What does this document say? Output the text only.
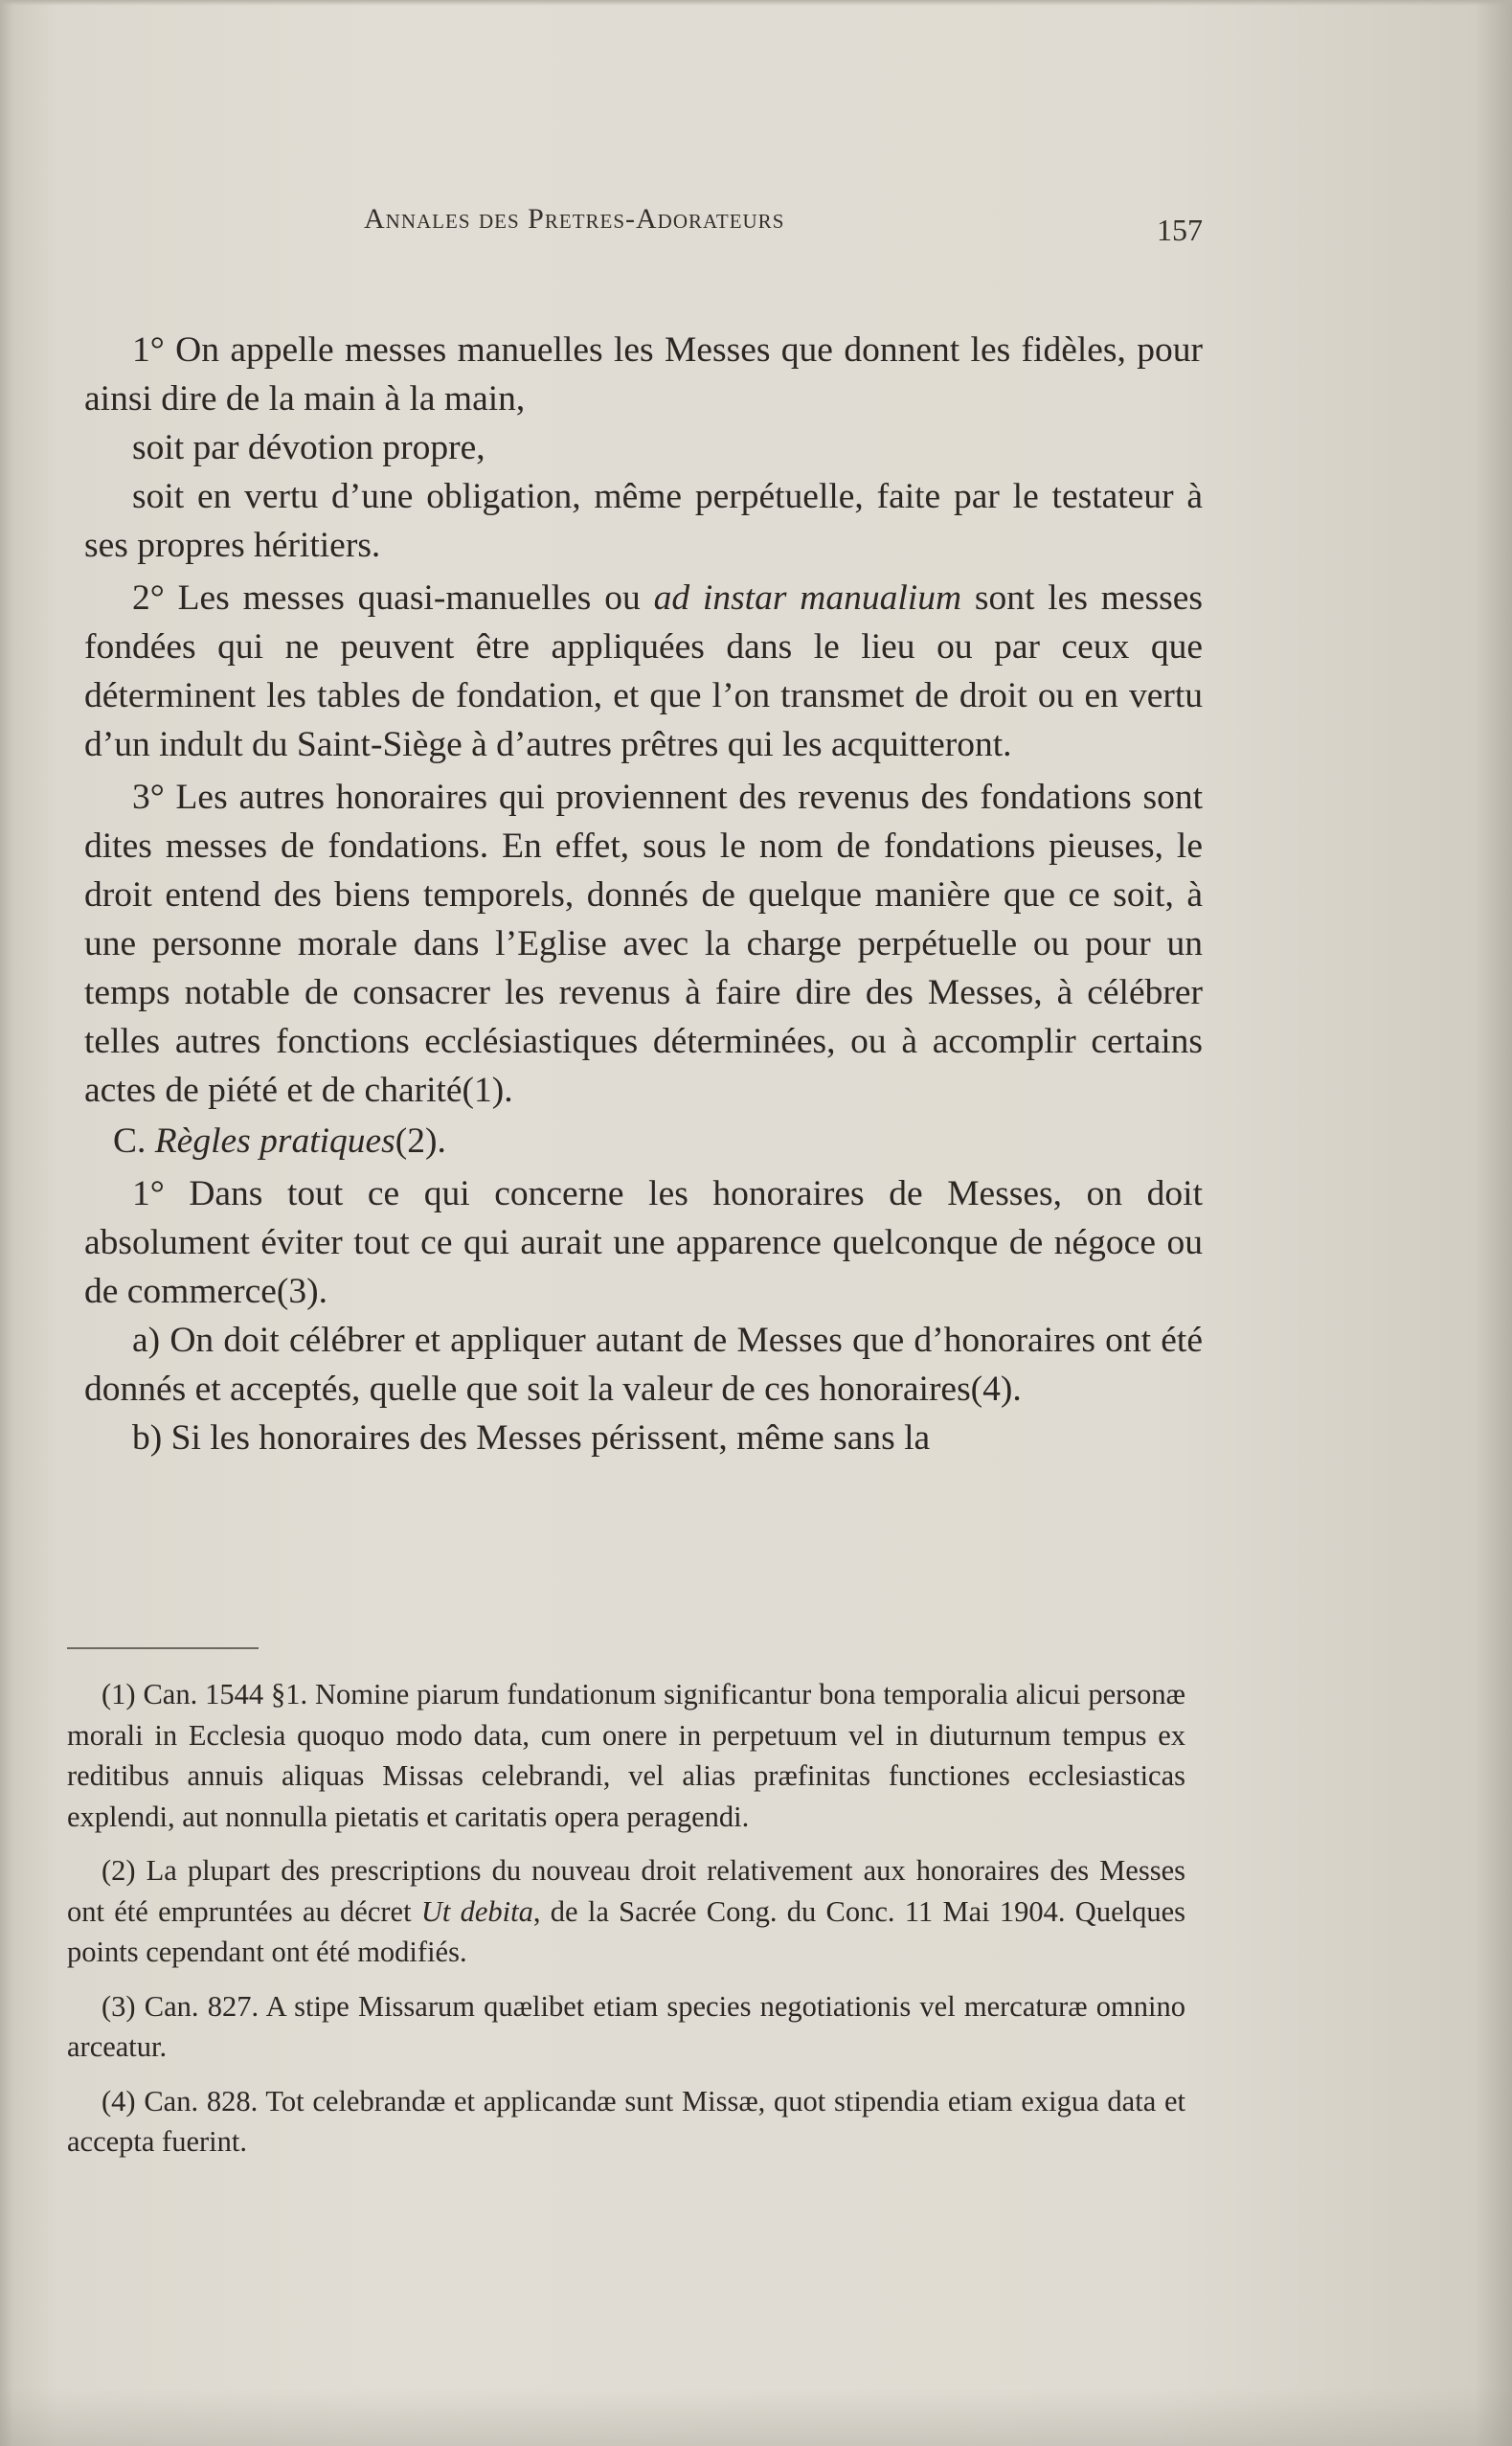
Annales des Pretres-Adorateurs	157

1° On appelle messes manuelles les Messes que donnent les fidèles, pour ainsi dire de la main à la main,

soit par dévotion propre,

soit en vertu d’une obligation, même perpétuelle, faite par le testateur à ses propres héritiers.

2° Les messes quasi-manuelles ou ad instar manualium sont les messes fondées qui ne peuvent être appliquées dans le lieu ou par ceux que déterminent les tables de fondation, et que l’on transmet de droit ou en vertu d’un indult du Saint-Siège à d’autres prêtres qui les acquitteront.

3° Les autres honoraires qui proviennent des revenus des fondations sont dites messes de fondations. En effet, sous le nom de fondations pieuses, le droit entend des biens temporels, donnés de quelque manière que ce soit, à une personne morale dans l’Eglise avec la charge perpétuelle ou pour un temps notable de consacrer les revenus à faire dire des Messes, à célébrer telles autres fonctions ecclésiastiques déterminées, ou à accomplir certains actes de piété et de charité(1).

C. Règles pratiques(2).

1° Dans tout ce qui concerne les honoraires de Messes, on doit absolument éviter tout ce qui aurait une apparence quelconque de négoce ou de commerce(3).

a) On doit célébrer et appliquer autant de Messes que d’honoraires ont été donnés et acceptés, quelle que soit la valeur de ces honoraires(4).

b) Si les honoraires des Messes périssent, même sans la

(1) Can. 1544 §1. Nomine piarum fundationum significantur bona temporalia alicui personæ morali in Ecclesia quoquo modo data, cum onere in perpetuum vel in diuturnum tempus ex reditibus annuis aliquas Missas celebrandi, vel alias præfinitas functiones ecclesiasticas explendi, aut nonnulla pietatis et caritatis opera peragendi.

(2) La plupart des prescriptions du nouveau droit relativement aux honoraires des Messes ont été empruntées au décret Ut debita, de la Sacrée Cong. du Conc. 11 Mai 1904. Quelques points cependant ont été modifiés.

(3) Can. 827. A stipe Missarum quælibet etiam species negotiationis vel mercaturæ omnino arceatur.

(4) Can. 828. Tot celebrandæ et applicandæ sunt Missæ, quot stipendia etiam exigua data et accepta fuerint.
